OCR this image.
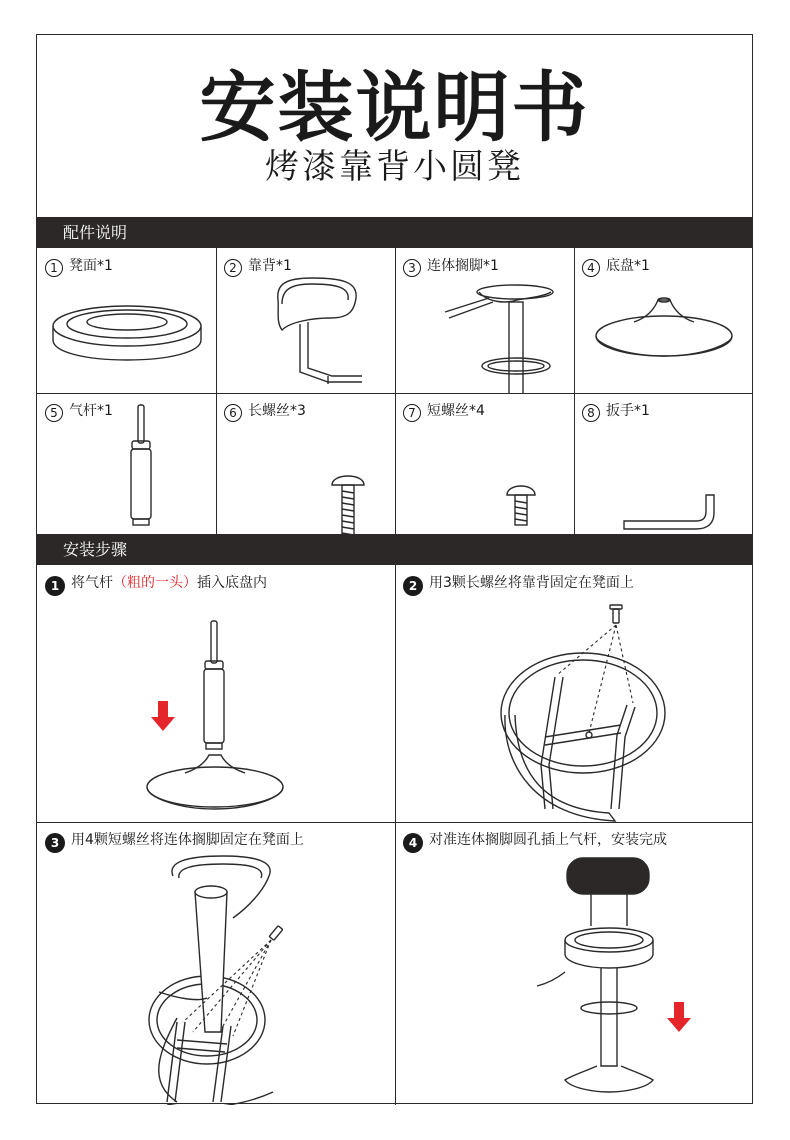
安装说明书
烤漆靠背小圆凳
配件说明
1 凳面*1	2 靠背*1	3 连体搁脚*1	4 底盘*1
5 气杆*1	6 长螺丝*3	7 短螺丝*4	8 扳手*1
安装步骤
1 将气杆（粗的一头）插入底盘内	2 用3颗长螺丝将靠背固定在凳面上
3 用4颗短螺丝将连体搁脚固定在凳面上	4 对准连体搁脚圆孔插上气杆，安装完成
